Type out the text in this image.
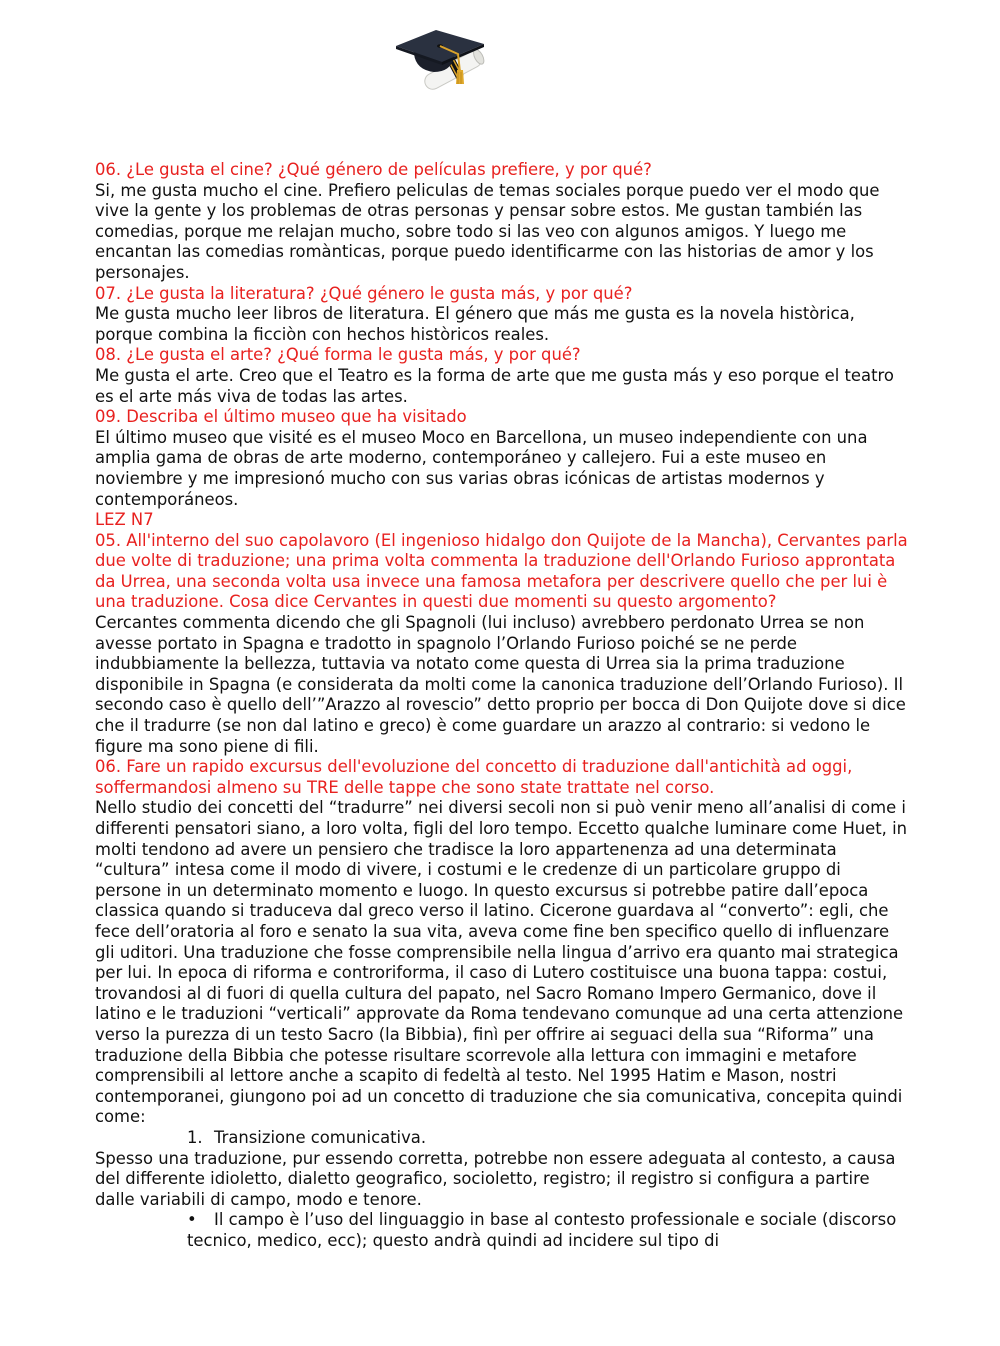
06. ¿Le gusta el cine? ¿Qué género de películas prefiere, y por qué?

Si, me gusta mucho el cine. Prefiero peliculas de temas sociales porque puedo ver el modo que vive la gente y los problemas de otras personas y pensar sobre estos. Me gustan también las comedias, porque me relajan mucho, sobre todo si las veo con algunos amigos. Y luego me encantan las comedias romànticas, porque puedo identificarme con las historias de amor y los personajes.

07. ¿Le gusta la literatura? ¿Qué género le gusta más, y por qué?

Me gusta mucho leer libros de literatura. El género que más me gusta es la novela històrica, porque combina la ficciòn con hechos històricos reales.

08. ¿Le gusta el arte? ¿Qué forma le gusta más, y por qué?

Me gusta el arte. Creo que el Teatro es la forma de arte que me gusta más y eso porque el teatro es el arte más viva de todas las artes.

09. Describa el último museo que ha visitado

El último museo que visité es el museo Moco en Barcellona, un museo independiente con una amplia gama de obras de arte moderno, contemporáneo y callejero. Fui a este museo en noviembre y me impresionó mucho con sus varias obras icónicas de artistas modernos y contemporáneos.

LEZ N7

05. All'interno del suo capolavoro (El ingenioso hidalgo don Quijote de la Mancha), Cervantes parla due volte di traduzione; una prima volta commenta la traduzione dell'Orlando Furioso approntata da Urrea, una seconda volta usa invece una famosa metafora per descrivere quello che per lui è una traduzione. Cosa dice Cervantes in questi due momenti su questo argomento?

Cercantes commenta dicendo che gli Spagnoli (lui incluso) avrebbero perdonato Urrea se non avesse portato in Spagna e tradotto in spagnolo l’Orlando Furioso poiché se ne perde indubbiamente la bellezza, tuttavia va notato come questa di Urrea sia la prima traduzione disponibile in Spagna (e considerata da molti come la canonica traduzione dell’Orlando Furioso). Il secondo caso è quello dell’”Arazzo al rovescio” detto proprio per bocca di Don Quijote dove si dice che il tradurre (se non dal latino e greco) è come guardare un arazzo al contrario: si vedono le figure ma sono piene di fili.

06. Fare un rapido excursus dell'evoluzione del concetto di traduzione dall'antichità ad oggi, soffermandosi almeno su TRE delle tappe che sono state trattate nel corso.

Nello studio dei concetti del “tradurre” nei diversi secoli non si può venir meno all’analisi di come i differenti pensatori siano, a loro volta, figli del loro tempo. Eccetto qualche luminare come Huet, in molti tendono ad avere un pensiero che tradisce la loro appartenenza ad una determinata “cultura” intesa come il modo di vivere, i costumi e le credenze di un particolare gruppo di persone in un determinato momento e luogo. In questo excursus si potrebbe patire dall’epoca classica quando si traduceva dal greco verso il latino. Cicerone guardava al “converto”: egli, che fece dell’oratoria al foro e senato la sua vita, aveva come fine ben specifico quello di influenzare gli uditori. Una traduzione che fosse comprensibile nella lingua d’arrivo era quanto mai strategica per lui. In epoca di riforma e controriforma, il caso di Lutero costituisce una buona tappa: costui, trovandosi al di fuori di quella cultura del papato, nel Sacro Romano Impero Germanico, dove il latino e le traduzioni “verticali” approvate da Roma tendevano comunque ad una certa attenzione verso la purezza di un testo Sacro (la Bibbia), finì per offrire ai seguaci della sua “Riforma” una traduzione della Bibbia che potesse risultare scorrevole alla lettura con immagini e metafore comprensibili al lettore anche a scapito di fedeltà al testo. Nel 1995 Hatim e Mason, nostri contemporanei, giungono poi ad un concetto di traduzione che sia comunicativa, concepita quindi come:

1. Transizione comunicativa.

Spesso una traduzione, pur essendo corretta, potrebbe non essere adeguata al contesto, a causa del differente idioletto, dialetto geografico, socioletto, registro; il registro si configura a partire dalle variabili di campo, modo e tenore.

•	Il campo è l’uso del linguaggio in base al contesto professionale e sociale (discorso tecnico, medico, ecc); questo andrà quindi ad incidere sul tipo di
